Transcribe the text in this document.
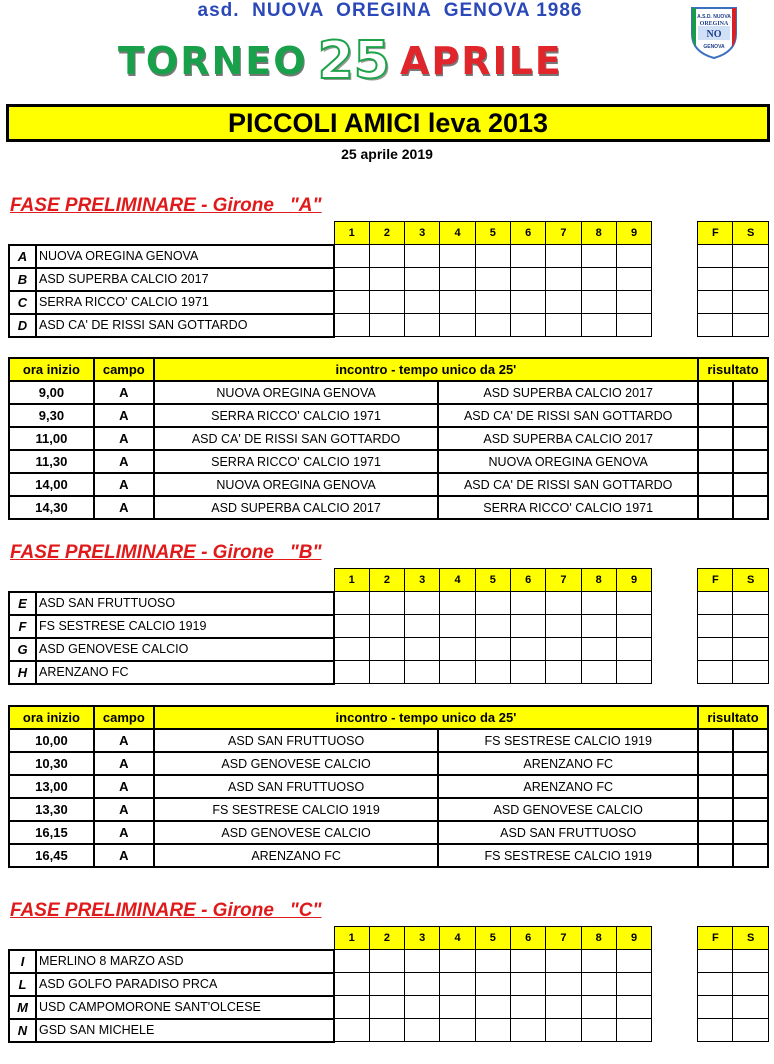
asd.  NUOVA  OREGINA  GENOVA 1986	A.S.D. NUOVA
OREGINA
NO
GENOVA
TORNEO 25 APRILE
PICCOLI AMICI leva 2013
25 aprile 2019
FASE PRELIMINARE - Girone   "A"
		1	2	3	4	5	6	7	8	9		F	S
A	NUOVA OREGINA GENOVA												
B	ASD SUPERBA CALCIO 2017												
C	SERRA RICCO' CALCIO 1971												
D	ASD CA' DE RISSI SAN GOTTARDO												
ora inizio	campo	incontro - tempo unico da 25'		risultato	
9,00	A	NUOVA OREGINA GENOVA	ASD SUPERBA CALCIO 2017		
9,30	A	SERRA RICCO' CALCIO 1971	ASD CA' DE RISSI SAN GOTTARDO		
11,00	A	ASD CA' DE RISSI SAN GOTTARDO	ASD SUPERBA CALCIO 2017		
11,30	A	SERRA RICCO' CALCIO 1971	NUOVA OREGINA GENOVA		
14,00	A	NUOVA OREGINA GENOVA	ASD CA' DE RISSI SAN GOTTARDO		
14,30	A	ASD SUPERBA CALCIO 2017	SERRA RICCO' CALCIO 1971		
FASE PRELIMINARE - Girone   "B"
		1	2	3	4	5	6	7	8	9		F	S
E	ASD SAN FRUTTUOSO												
F	FS SESTRESE CALCIO 1919												
G	ASD GENOVESE CALCIO												
H	ARENZANO FC												
ora inizio	campo	incontro - tempo unico da 25'		risultato	
10,00	A	ASD SAN FRUTTUOSO	FS SESTRESE CALCIO 1919		
10,30	A	ASD GENOVESE CALCIO	ARENZANO FC		
13,00	A	ASD SAN FRUTTUOSO	ARENZANO FC		
13,30	A	FS SESTRESE CALCIO 1919	ASD GENOVESE CALCIO		
16,15	A	ASD GENOVESE CALCIO	ASD SAN FRUTTUOSO		
16,45	A	ARENZANO FC	FS SESTRESE CALCIO 1919		
FASE PRELIMINARE - Girone   "C"
		1	2	3	4	5	6	7	8	9		F	S
I	MERLINO 8 MARZO ASD												
L	ASD GOLFO PARADISO PRCA												
M	USD CAMPOMORONE SANT'OLCESE												
N	GSD SAN MICHELE												
